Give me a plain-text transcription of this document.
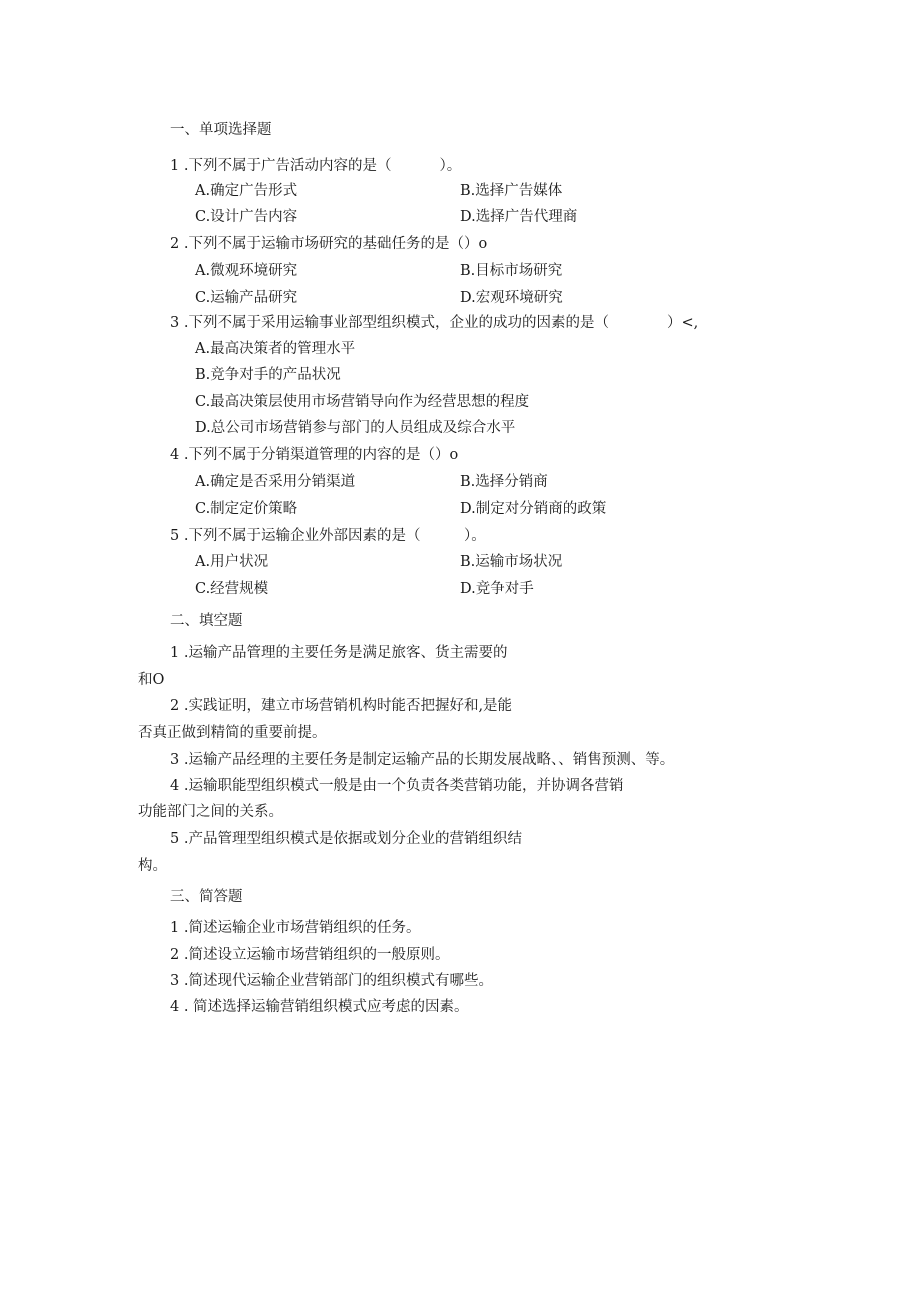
一、单项选择题
1 .下列不属于广告活动内容的是（　　　 ）。
A.确定广告形式	B.选择广告媒体
C.设计广告内容	D.选择广告代理商
2 .下列不属于运输市场研究的基础任务的是（）o
A.微观环境研究	B.目标市场研究
C.运输产品研究	D.宏观环境研究
3 .下列不属于采用运输事业部型组织模式，企业的成功的因素的是（　　　　）<,
A.最高决策者的管理水平
B.竞争对手的产品状况
C.最高决策层使用市场营销导向作为经营思想的程度
D.总公司市场营销参与部门的人员组成及综合水平
4 .下列不属于分销渠道管理的内容的是（）o
A.确定是否采用分销渠道	B.选择分销商
C.制定定价策略	D.制定对分销商的政策
5 .下列不属于运输企业外部因素的是（　　　）。
A.用户状况	B.运输市场状况
C.经营规模	D.竞争对手
二、填空题
1 .运输产品管理的主要任务是满足旅客、货主需要的
和O
2 .实践证明，建立市场营销机构时能否把握好和,是能
否真正做到精简的重要前提。
3 .运输产品经理的主要任务是制定运输产品的长期发展战略、、销售预测、等。
4 .运输职能型组织模式一般是由一个负责各类营销功能，并协调各营销
功能部门之间的关系。
5 .产品管理型组织模式是依据或划分企业的营销组织结
构。
三、简答题
1 .简述运输企业市场营销组织的任务。
2 .简述设立运输市场营销组织的一般原则。
3 .简述现代运输企业营销部门的组织模式有哪些。
4 . 简述选择运输营销组织模式应考虑的因素。
